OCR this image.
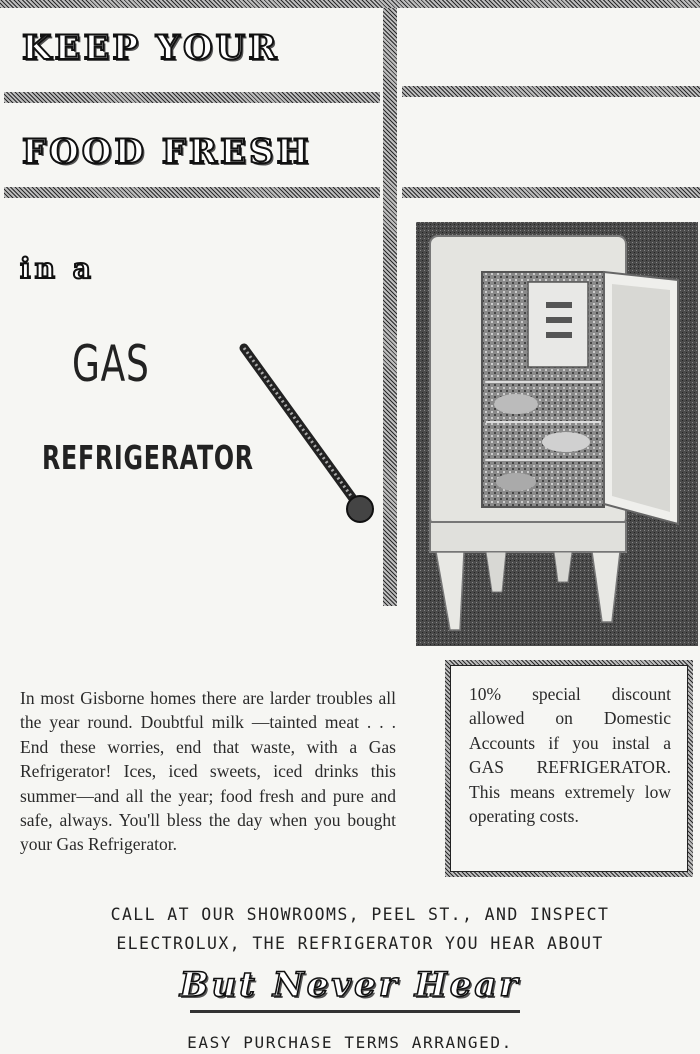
KEEP YOUR
FOOD FRESH
in a
GAS
REFRIGERATOR
In most Gisborne homes there are larder troubles all the year round. Doubtful milk —tainted meat . . . End these worries, end that waste, with a Gas Refrigerator! Ices, iced sweets, iced drinks this summer—and all the year; food fresh and pure and safe, always. You'll bless the day when you bought your Gas Refrigerator.
10% special discount allowed on Domestic Accounts if you instal a GAS REFRIGERATOR. This means extremely low operating costs.
CALL AT OUR SHOWROOMS, PEEL ST., AND INSPECT
ELECTROLUX, THE REFRIGERATOR YOU HEAR ABOUT
But Never Hear
EASY PURCHASE TERMS ARRANGED.
